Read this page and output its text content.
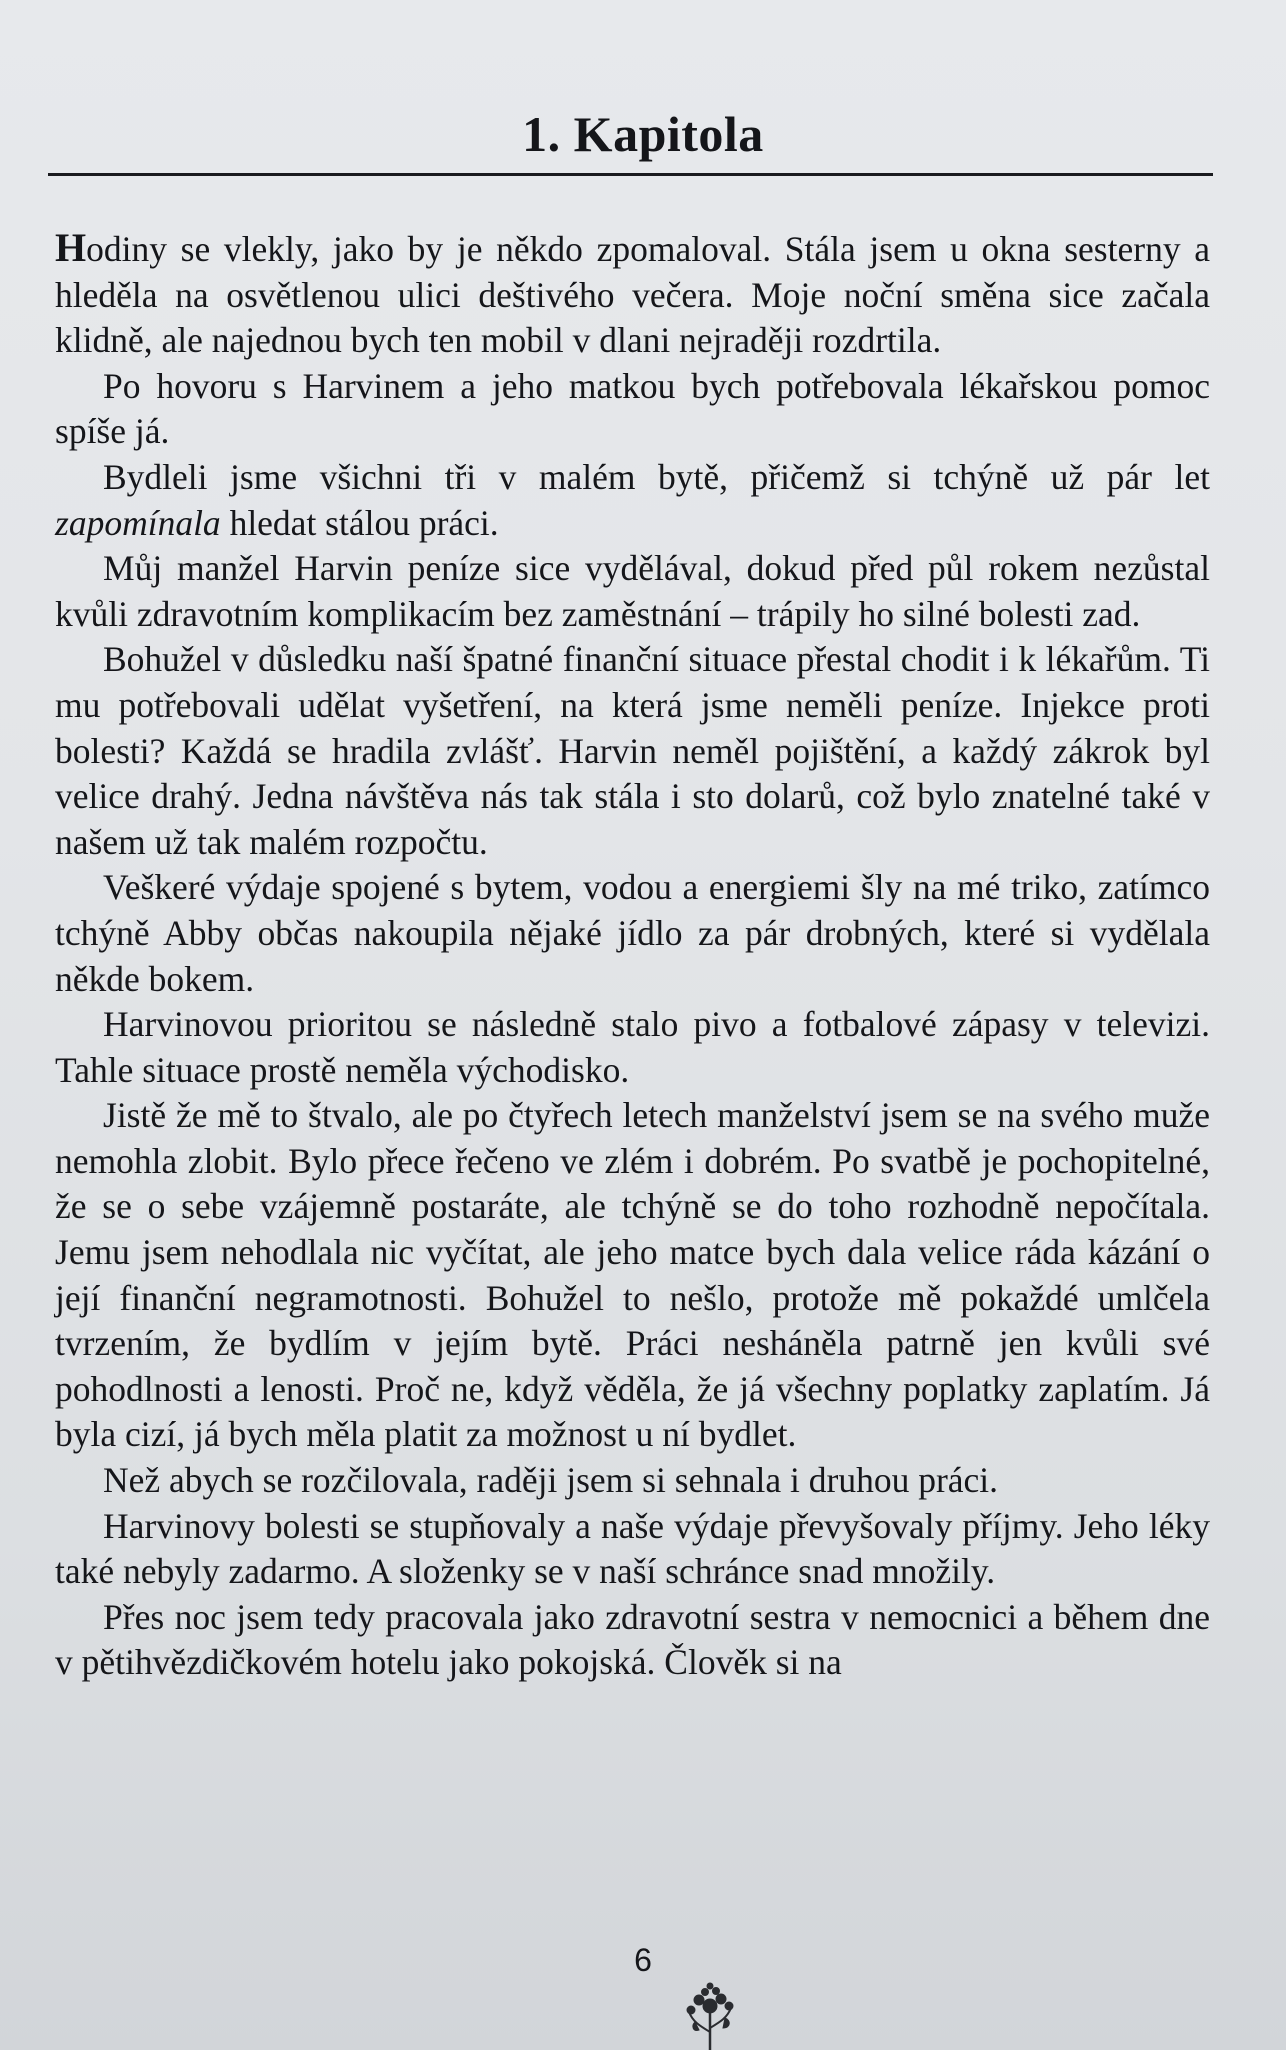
1. Kapitola

Hodiny se vlekly, jako by je někdo zpomaloval. Stála jsem u okna sesterny a hleděla na osvětlenou ulici deštivého večera. Moje noční směna sice začala klidně, ale najednou bych ten mobil v dlani nejraději rozdrtila.

Po hovoru s Harvinem a jeho matkou bych potřebovala lékařskou pomoc spíše já.

Bydleli jsme všichni tři v malém bytě, přičemž si tchýně už pár let zapomínala hledat stálou práci.

Můj manžel Harvin peníze sice vydělával, dokud před půl rokem nezůstal kvůli zdravotním komplikacím bez zaměstnání – trápily ho silné bolesti zad.

Bohužel v důsledku naší špatné finanční situace přestal chodit i k lékařům. Ti mu potřebovali udělat vyšetření, na která jsme neměli peníze. Injekce proti bolesti? Každá se hradila zvlášť. Harvin neměl pojištění, a každý zákrok byl velice drahý. Jedna návštěva nás tak stála i sto dolarů, což bylo znatelné také v našem už tak malém rozpočtu.

Veškeré výdaje spojené s bytem, vodou a energiemi šly na mé triko, zatímco tchýně Abby občas nakoupila nějaké jídlo za pár drobných, které si vydělala někde bokem.

Harvinovou prioritou se následně stalo pivo a fotbalové zápasy v televizi. Tahle situace prostě neměla východisko.

Jistě že mě to štvalo, ale po čtyřech letech manželství jsem se na svého muže nemohla zlobit. Bylo přece řečeno ve zlém i dobrém. Po svatbě je pochopitelné, že se o sebe vzájemně postaráte, ale tchýně se do toho rozhodně nepočítala. Jemu jsem nehodlala nic vyčítat, ale jeho matce bych dala velice ráda kázání o její finanční negramotnosti. Bohužel to nešlo, protože mě pokaždé umlčela tvrzením, že bydlím v jejím bytě. Práci nesháněla patrně jen kvůli své pohodlnosti a lenosti. Proč ne, když věděla, že já všechny poplatky zaplatím. Já byla cizí, já bych měla platit za možnost u ní bydlet.

Než abych se rozčilovala, raději jsem si sehnala i druhou práci.

Harvinovy bolesti se stupňovaly a naše výdaje převyšovaly příjmy. Jeho léky také nebyly zadarmo. A složenky se v naší schránce snad množily.

Přes noc jsem tedy pracovala jako zdravotní sestra v nemocnici a během dne v pětihvězdičkovém hotelu jako pokojská. Člověk si na

6
